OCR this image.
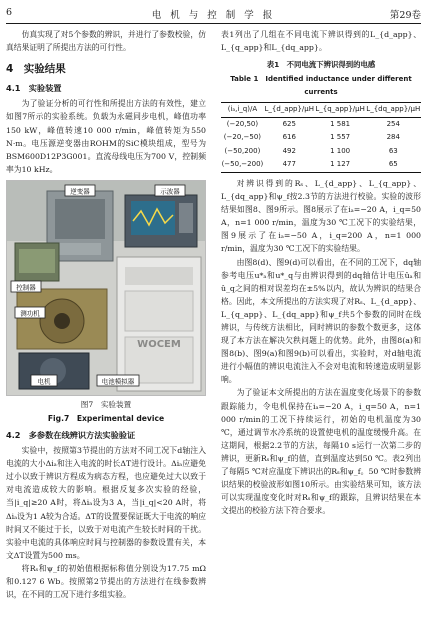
6	电 机 与 控 制 学 报	第29卷

仿真实现了对5个参数的辨识，并进行了参数校验，仿真结果证明了所提出方法的可行性。

4　实验结果
4.1　实验装置

为了验证分析的可行性和所提出方法的有效性，建立如图7所示的实验系统。负载为永磁同步电机，峰值功率150 kW，峰值转速10 000 r/min，峰值转矩为550 N·m。电压源逆变器由ROHM的SiC模块组成，型号为BSM600D12P3G001。直流母线电压为700 V，控制频率为10 kHz。

逆变器	示波器
控制器
测功机
电机	电池模拟器
WOCEM
图7　实验装置
Fig.7　Experimental device
4.2　多参数在线辨识方法实验验证

实验中，按照第3节提出的方法对不同工况下d轴注入电流的大小Δiₐ和注入电流的时长ΔT进行设计。Δiₐ应避免过小以致于辨识方程成为病态方程，也应避免过大以致于对电流造成较大的影响。根据反复多次实验的经验，当|i_q|≥20 A时，将Δiₐ设为3 A，当|i_q|<20 A时，将Δiₐ设为1 A较为合适。ΔT的设置要保证既大于电流的响应时间又不能过于长，以致于对电流产生较长时间的干扰。实验中电流的具体响应时间与控制器的参数设置有关，本文ΔT设置为500 ms。

将Rₛ和ψ_f的初始值根据标称值分别设为17.75 mΩ和0.127 6 Wb。按照第2节提出的方法进行在线参数辨识，在不同的工况下进行多组实验。

表1列出了几组在不同电流下辨识得到的L_{d_app}、L_{q_app}和L_{dq_app}。

表1　不同电流下辨识得到的电感
Table 1　Identified inductance under different currents
(iₐ,i_q)/A	L_{d_app}/μH	L_{q_app}/μH	L_{dq_app}/μH
(−20,50)	625	1 581	254
(−20,−50)	616	1 557	284
(−50,200)	492	1 100	63
(−50,−200)	477	1 127	65

对辨识得到的Rₛ、L_{d_app}、L_{q_app}、L_{dq_app}和ψ_f按2.3节的方法进行校验。实验的波形结果如图8、图9所示。图8展示了在iₐ=−20 A，i_q=50 A，n=1 000 r/min，温度为30 ℃工况下的实验结果，图9展示了在iₐ=−50 A，i_q=200 A，n=1 000 r/min，温度为30 ℃工况下的实验结果。

由图8(d)、图9(d)可以看出，在不同的工况下，dq轴参考电压u*ₐ和u*_q与由辨识得到的dq轴估计电压ûₐ和û_q之间的相对误差均在±5%以内，故认为辨识的结果合格。因此，本文所提出的方法实现了对Rₛ、L_{d_app}、L_{q_app}、L_{dq_app}和ψ_f共5个参数的同时在线辨识，与传统方法相比，同时辨识的参数个数更多，这体现了本方法在解决欠秩问题上的优势。此外，由图8(a)和图8(b)、图9(a)和图9(b)可以看出，实验时，对d轴电流进行小幅值的辨识电流注入不会对电流和转速造成明显影响。

为了验证本文所提出的方法在温度变化场景下的参数跟踪能力，令电机保持在iₐ=−20 A，i_q=50 A，n=1 000 r/min的工况下持续运行，初始的电机温度为30 ℃，通过调节水冷系统的设置使电机的温度缓慢升高。在这期间，根据2.2节的方法，每隔10 s运行一次第二步的辨识，更新Rₛ和ψ_f的值，直到温度达到50 ℃。表2列出了每隔5 ℃对应温度下辨识出的Rₛ和ψ_f。50 ℃时参数辨识结果的校验波形如图10所示。由实验结果可知，该方法可以实现温度变化时对Rₛ和ψ_f的跟踪，且辨识结果在本文提出的校验方法下符合要求。
